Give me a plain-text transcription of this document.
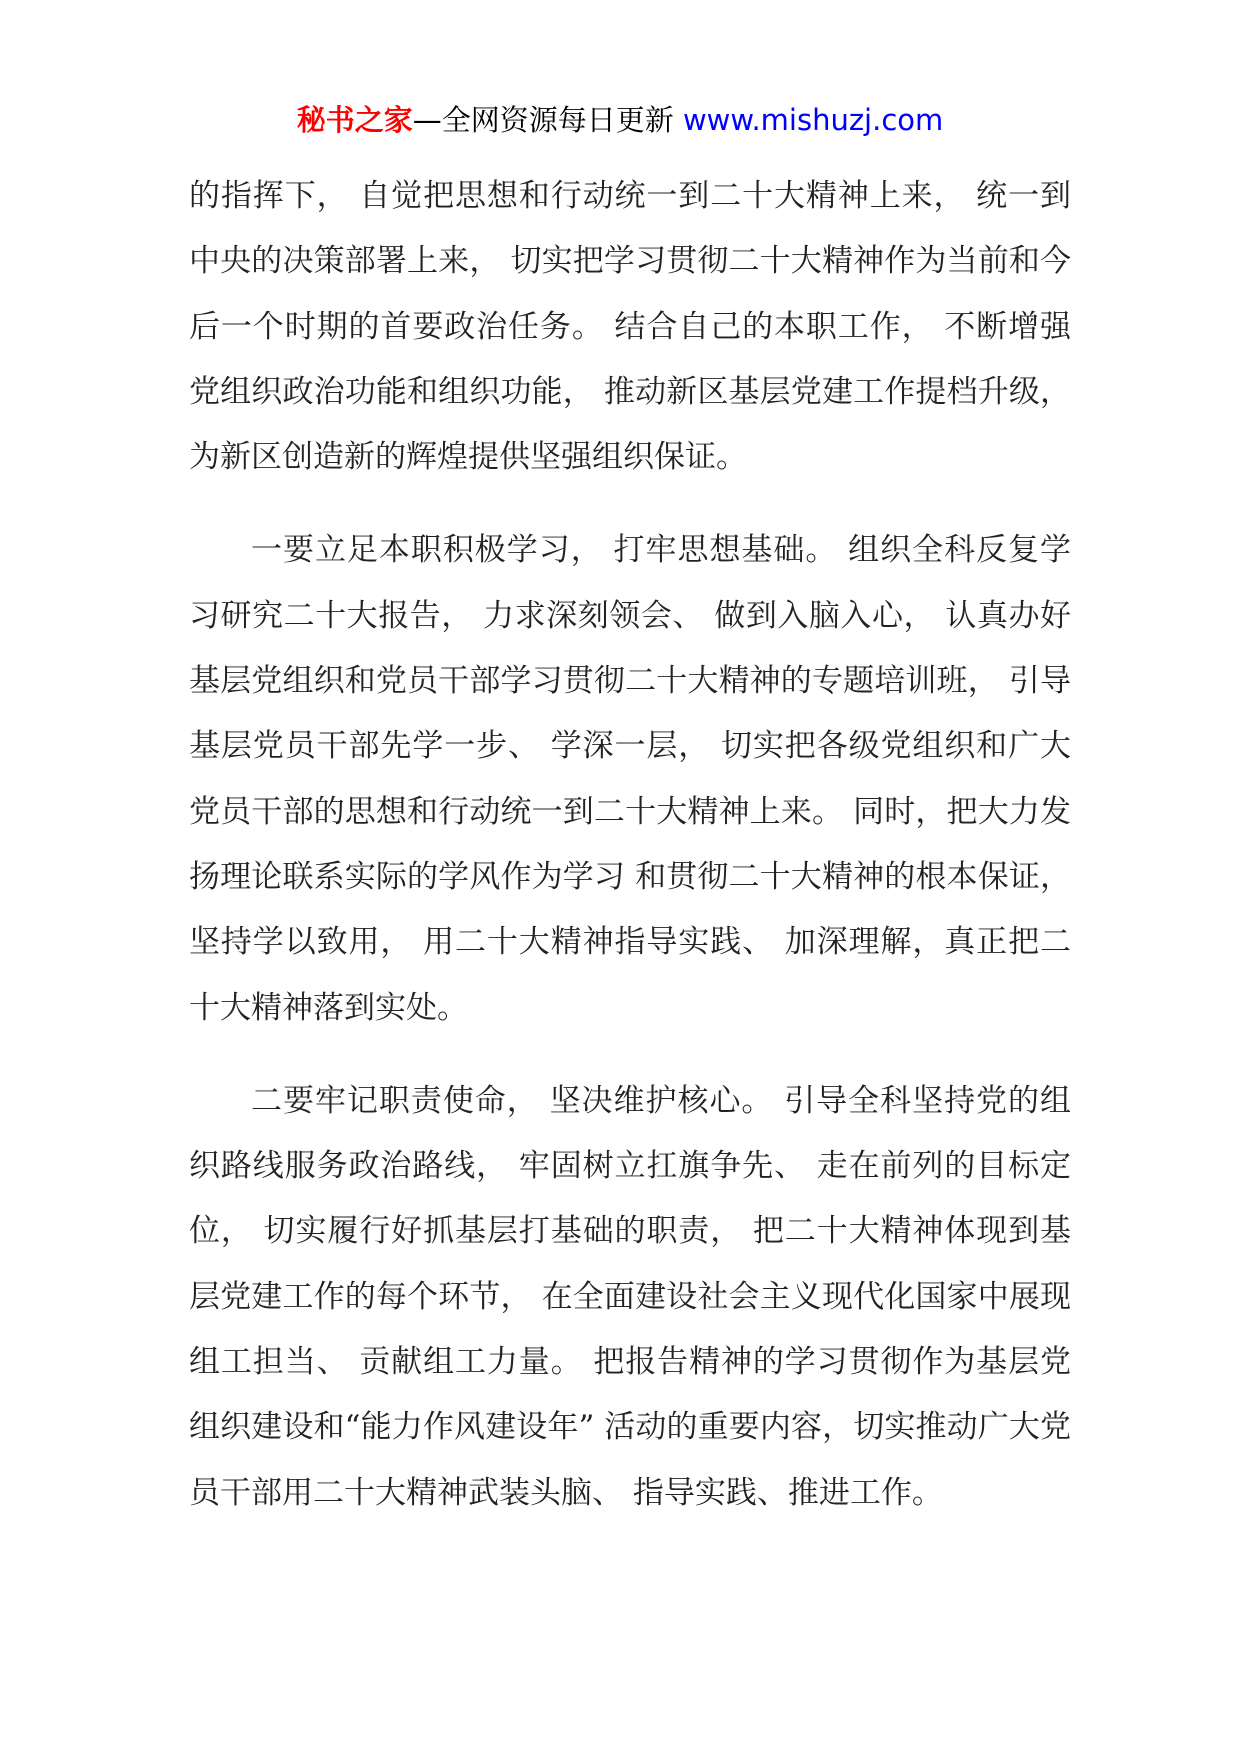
秘书之家—全网资源每日更新 www.mishuzj.com

的指挥下， 自觉把思想和行动统一到二十大精神上来， 统一到中央的决策部署上来， 切实把学习贯彻二十大精神作为当前和今后一个时期的首要政治任务。 结合自己的本职工作， 不断增强党组织政治功能和组织功能， 推动新区基层党建工作提档升级， 为新区创造新的辉煌提供坚强组织保证。

一要立足本职积极学习， 打牢思想基础。 组织全科反复学习研究二十大报告， 力求深刻领会、 做到入脑入心， 认真办好基层党组织和党员干部学习贯彻二十大精神的专题培训班， 引导基层党员干部先学一步、 学深一层， 切实把各级党组织和广大党员干部的思想和行动统一到二十大精神上来。 同时，把大力发扬理论联系实际的学风作为学习 和贯彻二十大精神的根本保证， 坚持学以致用， 用二十大精神指导实践、 加深理解，真正把二十大精神落到实处。

二要牢记职责使命， 坚决维护核心。 引导全科坚持党的组织路线服务政治路线， 牢固树立扛旗争先、 走在前列的目标定位， 切实履行好抓基层打基础的职责， 把二十大精神体现到基层党建工作的每个环节， 在全面建设社会主义现代化国家中展现组工担当、 贡献组工力量。 把报告精神的学习贯彻作为基层党组织建设和“能力作风建设年” 活动的重要内容，切实推动广大党员干部用二十大精神武装头脑、 指导实践、推进工作。
